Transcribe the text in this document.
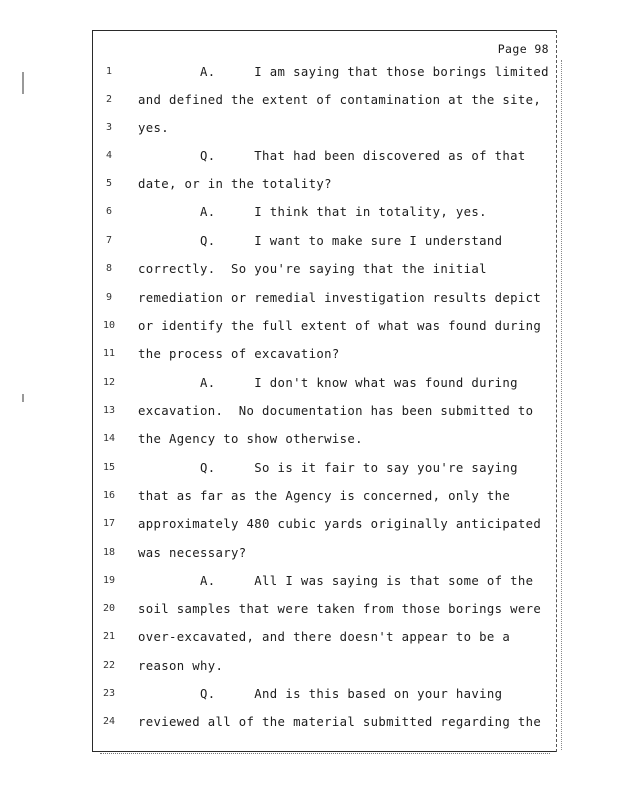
Page 98
1	A.     I am saying that those borings limited
2	and defined the extent of contamination at the site,
3	yes.
4	Q.     That had been discovered as of that
5	date, or in the totality?
6	A.     I think that in totality, yes.
7	Q.     I want to make sure I understand
8	correctly.  So you're saying that the initial
9	remediation or remedial investigation results depict
10	or identify the full extent of what was found during
11	the process of excavation?
12	A.     I don't know what was found during
13	excavation.  No documentation has been submitted to
14	the Agency to show otherwise.
15	Q.     So is it fair to say you're saying
16	that as far as the Agency is concerned, only the
17	approximately 480 cubic yards originally anticipated
18	was necessary?
19	A.     All I was saying is that some of the
20	soil samples that were taken from those borings were
21	over-excavated, and there doesn't appear to be a
22	reason why.
23	Q.     And is this based on your having
24	reviewed all of the material submitted regarding the
